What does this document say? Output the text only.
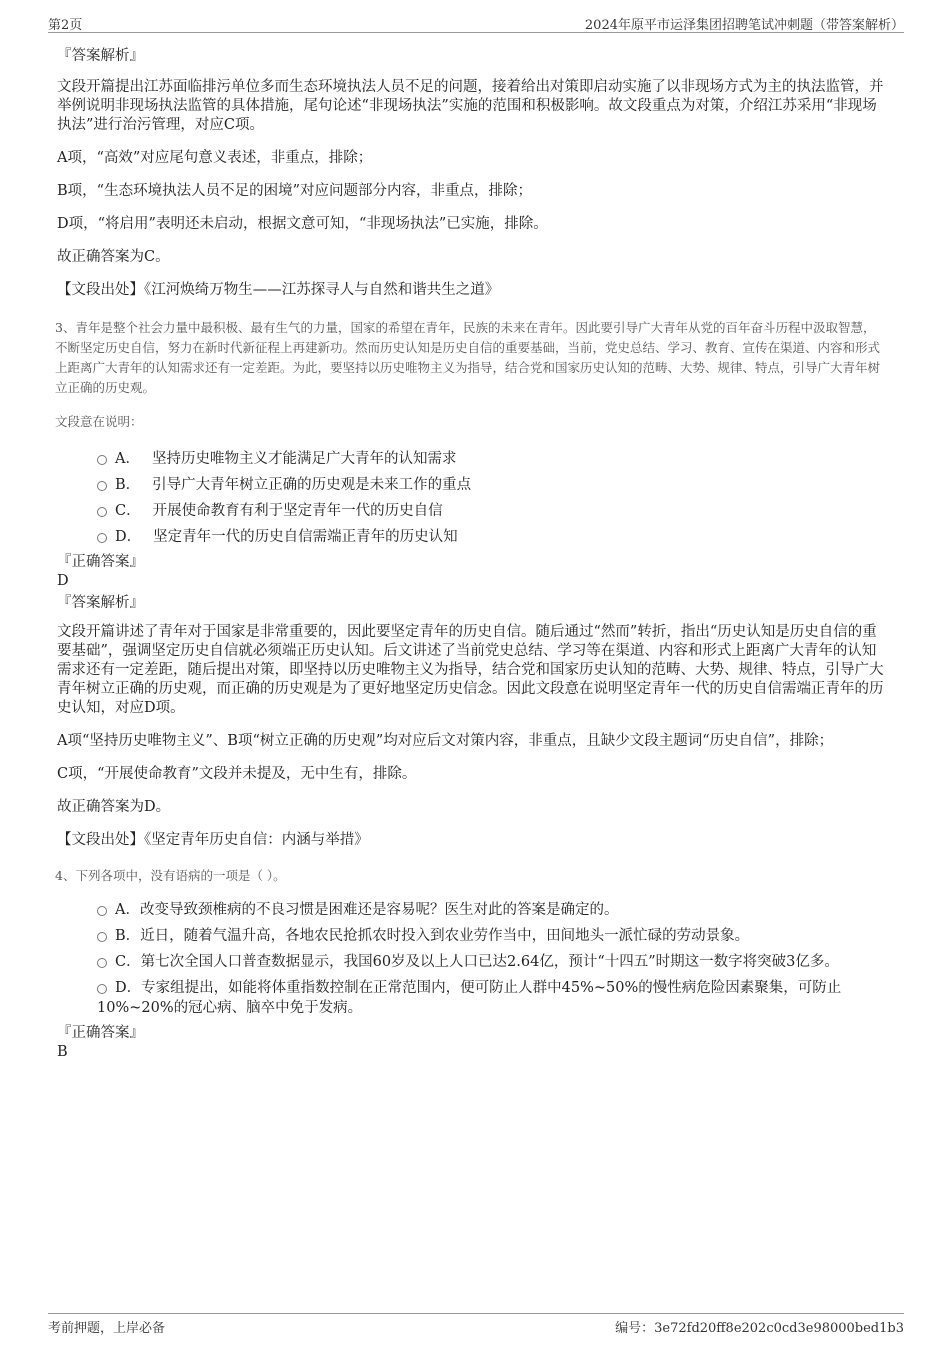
第2页	2024年原平市运泽集团招聘笔试冲刺题（带答案解析）

『答案解析』

文段开篇提出江苏面临排污单位多而生态环境执法人员不足的问题，接着给出对策即启动实施了以非现场方式为主的执法监管，并举例说明非现场执法监管的具体措施，尾句论述“非现场执法”实施的范围和积极影响。故文段重点为对策，介绍江苏采用“非现场执法”进行治污管理，对应C项。

A项，“高效”对应尾句意义表述，非重点，排除；

B项，“生态环境执法人员不足的困境”对应问题部分内容，非重点，排除；

D项，“将启用”表明还未启动，根据文意可知，“非现场执法”已实施，排除。

故正确答案为C。

【文段出处】《江河焕绮万物生——江苏探寻人与自然和谐共生之道》

3、青年是整个社会力量中最积极、最有生气的力量，国家的希望在青年，民族的未来在青年。因此要引导广大青年从党的百年奋斗历程中汲取智慧，不断坚定历史自信，努力在新时代新征程上再建新功。然而历史认知是历史自信的重要基础，当前，党史总结、学习、教育、宣传在渠道、内容和形式上距离广大青年的认知需求还有一定差距。为此，要坚持以历史唯物主义为指导，结合党和国家历史认知的范畴、大势、规律、特点，引导广大青年树立正确的历史观。

文段意在说明：

A． 坚持历史唯物主义才能满足广大青年的认知需求
B． 引导广大青年树立正确的历史观是未来工作的重点
C． 开展使命教育有利于坚定青年一代的历史自信
D． 坚定青年一代的历史自信需端正青年的历史认知

『正确答案』

D

『答案解析』

文段开篇讲述了青年对于国家是非常重要的，因此要坚定青年的历史自信。随后通过“然而”转折，指出“历史认知是历史自信的重要基础”，强调坚定历史自信就必须端正历史认知。后文讲述了当前党史总结、学习等在渠道、内容和形式上距离广大青年的认知需求还有一定差距，随后提出对策，即坚持以历史唯物主义为指导，结合党和国家历史认知的范畴、大势、规律、特点，引导广大青年树立正确的历史观，而正确的历史观是为了更好地坚定历史信念。因此文段意在说明坚定青年一代的历史自信需端正青年的历史认知，对应D项。

A项“坚持历史唯物主义”、B项“树立正确的历史观”均对应后文对策内容，非重点，且缺少文段主题词“历史自信”，排除；

C项，“开展使命教育”文段并未提及，无中生有，排除。

故正确答案为D。

【文段出处】《坚定青年历史自信：内涵与举措》

4、下列各项中，没有语病的一项是（ ）。

A．改变导致颈椎病的不良习惯是困难还是容易呢？医生对此的答案是确定的。
B．近日，随着气温升高，各地农民抢抓农时投入到农业劳作当中，田间地头一派忙碌的劳动景象。
C．第七次全国人口普查数据显示，我国60岁及以上人口已达2.64亿，预计“十四五”时期这一数字将突破3亿多。
D．专家组提出，如能将体重指数控制在正常范围内，便可防止人群中45%~50%的慢性病危险因素聚集，可防止10%~20%的冠心病、脑卒中免于发病。

『正确答案』

B

考前押题，上岸必备	编号：3e72fd20ff8e202c0cd3e98000bed1b3
